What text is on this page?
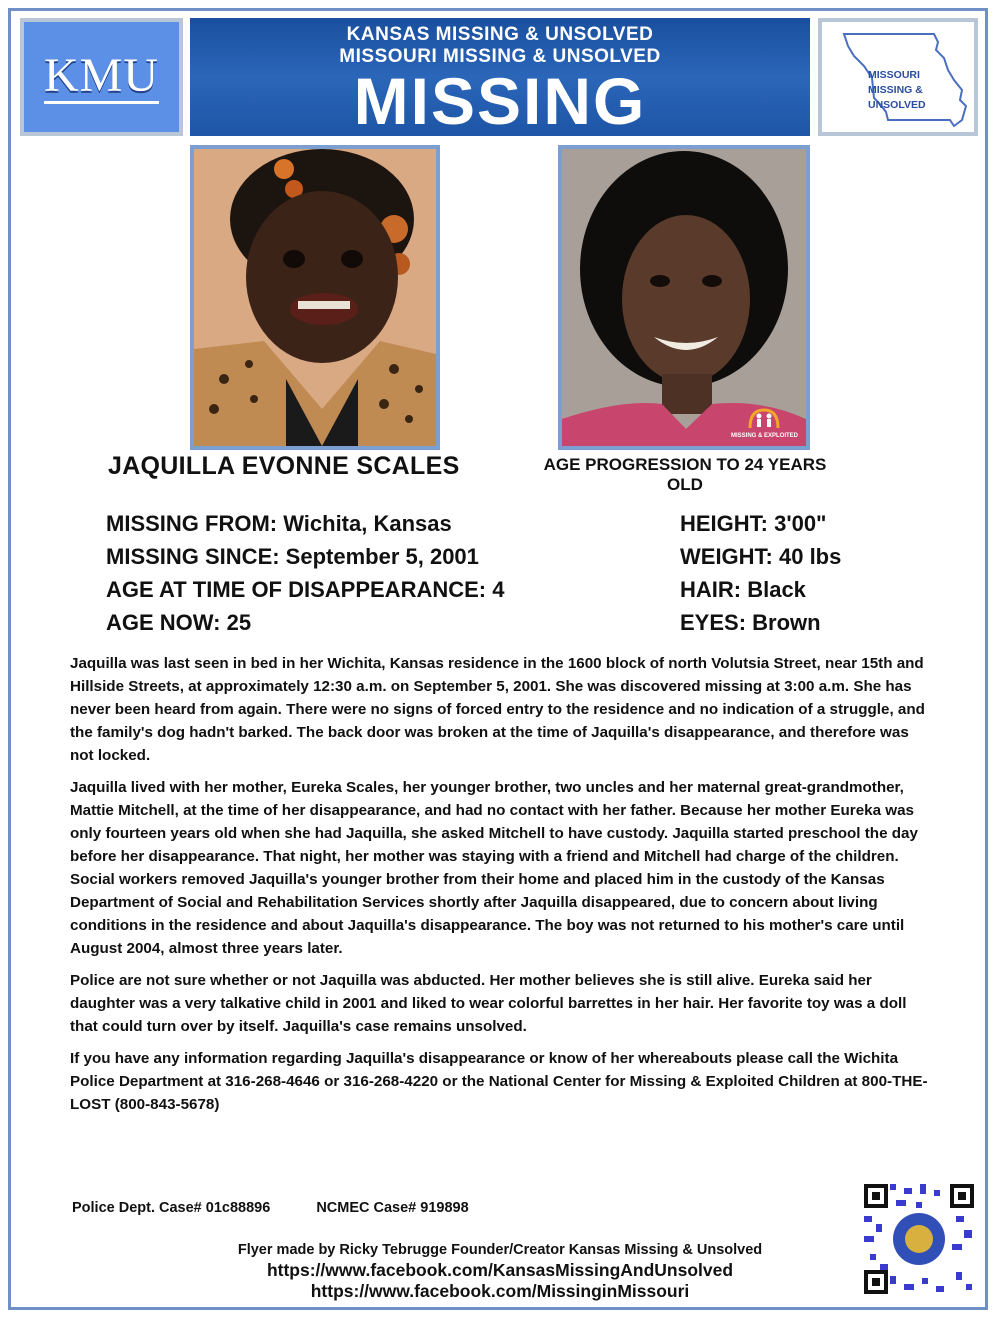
KMU
KANSAS MISSING & UNSOLVED
MISSOURI MISSING & UNSOLVED
MISSING	MISSOURI
MISSING &
UNSOLVED
MISSING & EXPLOITED
JAQUILLA EVONNE SCALES	AGE PROGRESSION TO 24 YEARS OLD
MISSING FROM: Wichita, Kansas
MISSING SINCE: September 5, 2001
AGE AT TIME OF DISAPPEARANCE: 4
AGE NOW: 25
HEIGHT: 3'00"
WEIGHT: 40 lbs
HAIR: Black
EYES: Brown

Jaquilla was last seen in bed in her Wichita, Kansas residence in the 1600 block of north Volutsia Street, near 15th and Hillside Streets, at approximately 12:30 a.m. on September 5, 2001. She was discovered missing at 3:00 a.m. She has never been heard from again. There were no signs of forced entry to the residence and no indication of a struggle, and the family's dog hadn't barked. The back door was broken at the time of Jaquilla's disappearance, and therefore was not locked.

Jaquilla lived with her mother, Eureka Scales, her younger brother, two uncles and her maternal great-grandmother, Mattie Mitchell, at the time of her disappearance, and had no contact with her father. Because her mother Eureka was only fourteen years old when she had Jaquilla, she asked Mitchell to have custody. Jaquilla started preschool the day before her disappearance. That night, her mother was staying with a friend and Mitchell had charge of the children. Social workers removed Jaquilla's younger brother from their home and placed him in the custody of the Kansas Department of Social and Rehabilitation Services shortly after Jaquilla disappeared, due to concern about living conditions in the residence and about Jaquilla's disappearance. The boy was not returned to his mother's care until August 2004, almost three years later.

Police are not sure whether or not Jaquilla was abducted. Her mother believes she is still alive. Eureka said her daughter was a very talkative child in 2001 and liked to wear colorful barrettes in her hair. Her favorite toy was a doll that could turn over by itself. Jaquilla's case remains unsolved.

If you have any information regarding Jaquilla's disappearance or know of her whereabouts please call the Wichita Police Department at 316-268-4646 or 316-268-4220 or the National Center for Missing & Exploited Children at 800-THE-LOST (800-843-5678)

Police Dept. Case# 01c88896	NCMEC Case# 919898
Flyer made by Ricky Tebrugge Founder/Creator Kansas Missing & Unsolved
https://www.facebook.com/KansasMissingAndUnsolved
https://www.facebook.com/MissinginMissouri
